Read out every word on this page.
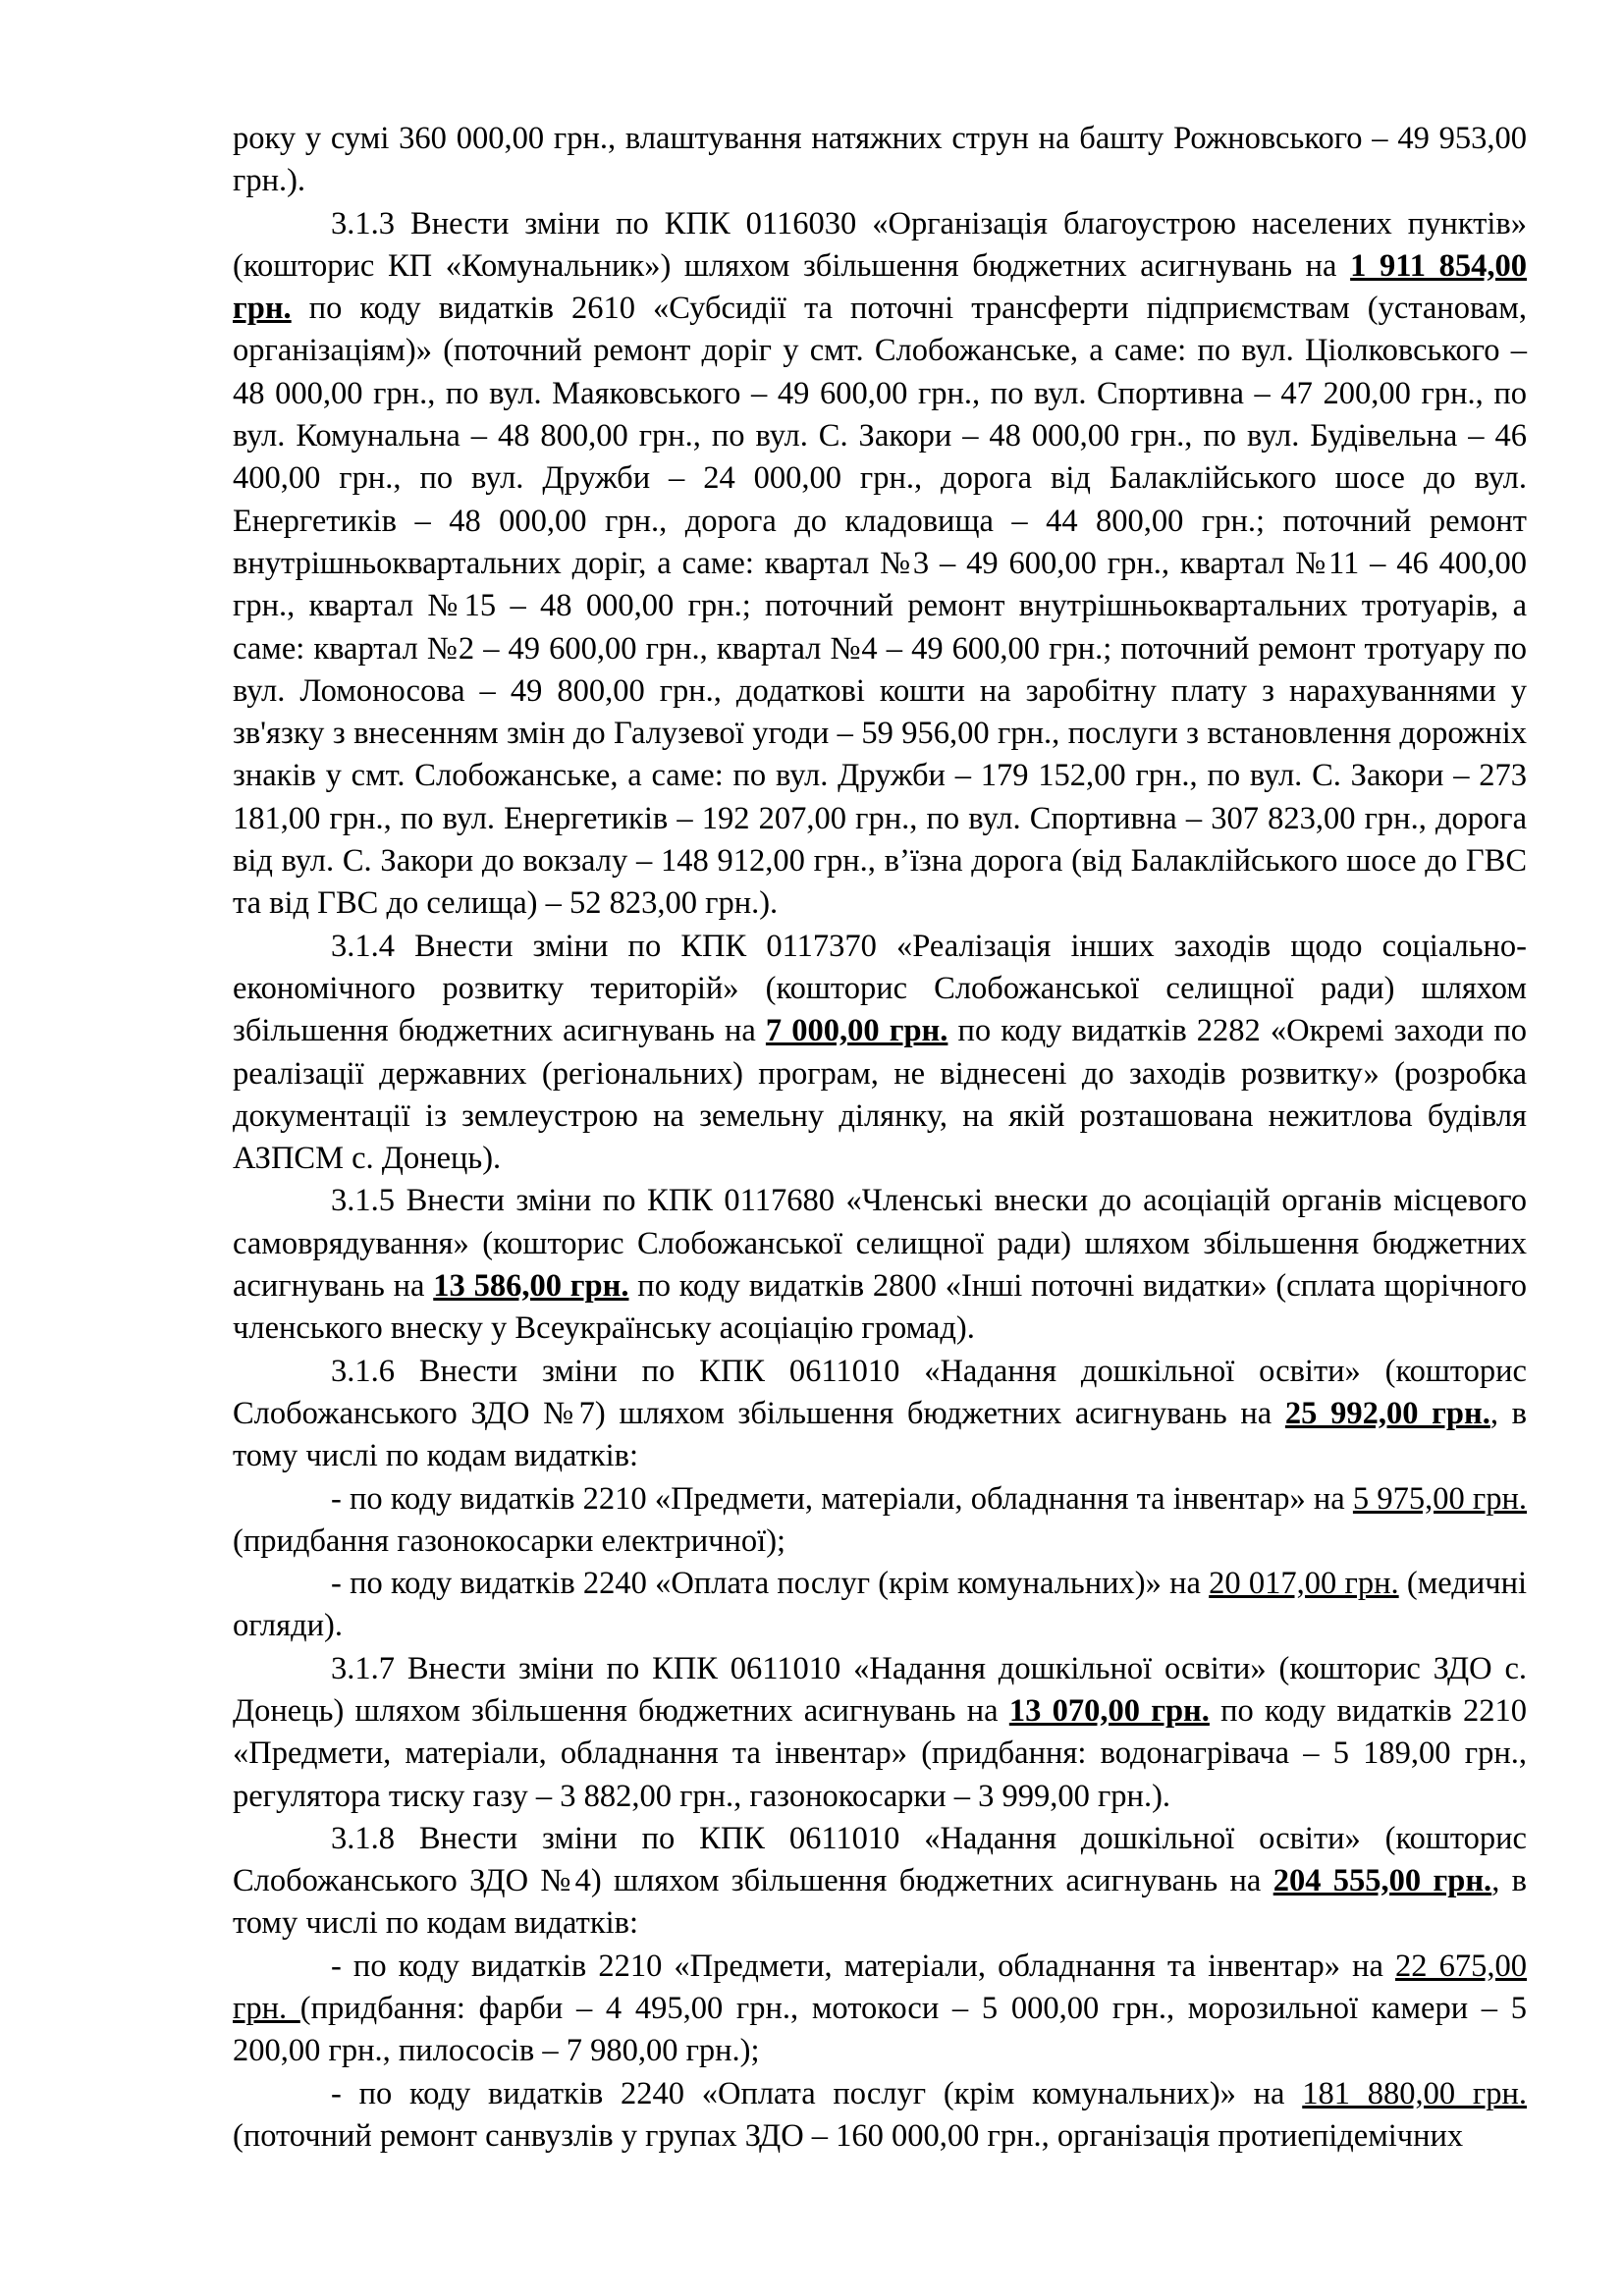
року у сумі 360 000,00 грн., влаштування натяжних струн на башту Рожновського – 49 953,00 грн.).

3.1.3 Внести зміни по КПК 0116030 «Організація благоустрою населених пунктів» (кошторис КП «Комунальник») шляхом збільшення бюджетних асигнувань на 1 911 854,00 грн. по коду видатків 2610 «Субсидії та поточні трансферти підприємствам (установам, організаціям)» (поточний ремонт доріг у смт. Слобожанське, а саме: по вул. Ціолковського – 48 000,00 грн., по вул. Маяковського – 49 600,00 грн., по вул. Спортивна – 47 200,00 грн., по вул. Комунальна – 48 800,00 грн., по вул. С. Закори – 48 000,00 грн., по вул. Будівельна – 46 400,00 грн., по вул. Дружби – 24 000,00 грн., дорога від Балаклійського шосе до вул. Енергетиків – 48 000,00 грн., дорога до кладовища – 44 800,00 грн.; поточний ремонт внутрішньоквартальних доріг, а саме: квартал №3 – 49 600,00 грн., квартал №11 – 46 400,00 грн., квартал №15 – 48 000,00 грн.; поточний ремонт внутрішньоквартальних тротуарів, а саме: квартал №2 – 49 600,00 грн., квартал №4 – 49 600,00 грн.; поточний ремонт тротуару по вул. Ломоносова – 49 800,00 грн., додаткові кошти на заробітну плату з нарахуваннями у зв'язку з внесенням змін до Галузевої угоди – 59 956,00 грн., послуги з встановлення дорожніх знаків у смт. Слобожанське, а саме: по вул. Дружби – 179 152,00 грн., по вул. С. Закори – 273 181,00 грн., по вул. Енергетиків – 192 207,00 грн., по вул. Спортивна – 307 823,00 грн., дорога від вул. С. Закори до вокзалу – 148 912,00 грн., в’їзна дорога (від Балаклійського шосе до ГВС та від ГВС до селища) – 52 823,00 грн.).

3.1.4 Внести зміни по КПК 0117370 «Реалізація інших заходів щодо соціально-економічного розвитку територій» (кошторис Слобожанської селищної ради) шляхом збільшення бюджетних асигнувань на 7 000,00 грн. по коду видатків 2282 «Окремі заходи по реалізації державних (регіональних) програм, не віднесені до заходів розвитку» (розробка документації із землеустрою на земельну ділянку, на якій розташована нежитлова будівля АЗПСМ с. Донець).

3.1.5 Внести зміни по КПК 0117680 «Членські внески до асоціацій органів місцевого самоврядування» (кошторис Слобожанської селищної ради) шляхом збільшення бюджетних асигнувань на 13 586,00 грн. по коду видатків 2800 «Інші поточні видатки» (сплата щорічного членського внеску у Всеукраїнську асоціацію громад).

3.1.6 Внести зміни по КПК 0611010 «Надання дошкільної освіти» (кошторис Слобожанського ЗДО №7) шляхом збільшення бюджетних асигнувань на 25 992,00 грн., в тому числі по кодам видатків:

- по коду видатків 2210 «Предмети, матеріали, обладнання та інвентар» на 5 975,00 грн. (придбання газонокосарки електричної);

- по коду видатків 2240 «Оплата послуг (крім комунальних)» на 20 017,00 грн. (медичні огляди).

3.1.7 Внести зміни по КПК 0611010 «Надання дошкільної освіти» (кошторис ЗДО с. Донець) шляхом збільшення бюджетних асигнувань на 13 070,00 грн. по коду видатків 2210 «Предмети, матеріали, обладнання та інвентар» (придбання: водонагрівача – 5 189,00 грн., регулятора тиску газу – 3 882,00 грн., газонокосарки – 3 999,00 грн.).

3.1.8 Внести зміни по КПК 0611010 «Надання дошкільної освіти» (кошторис Слобожанського ЗДО №4) шляхом збільшення бюджетних асигнувань на 204 555,00 грн., в тому числі по кодам видатків:

- по коду видатків 2210 «Предмети, матеріали, обладнання та інвентар» на 22 675,00 грн. (придбання: фарби – 4 495,00 грн., мотокоси – 5 000,00 грн., морозильної камери – 5 200,00 грн., пилососів – 7 980,00 грн.);

- по коду видатків 2240 «Оплата послуг (крім комунальних)» на 181 880,00 грн. (поточний ремонт санвузлів у групах ЗДО – 160 000,00 грн., організація протиепідемічних
